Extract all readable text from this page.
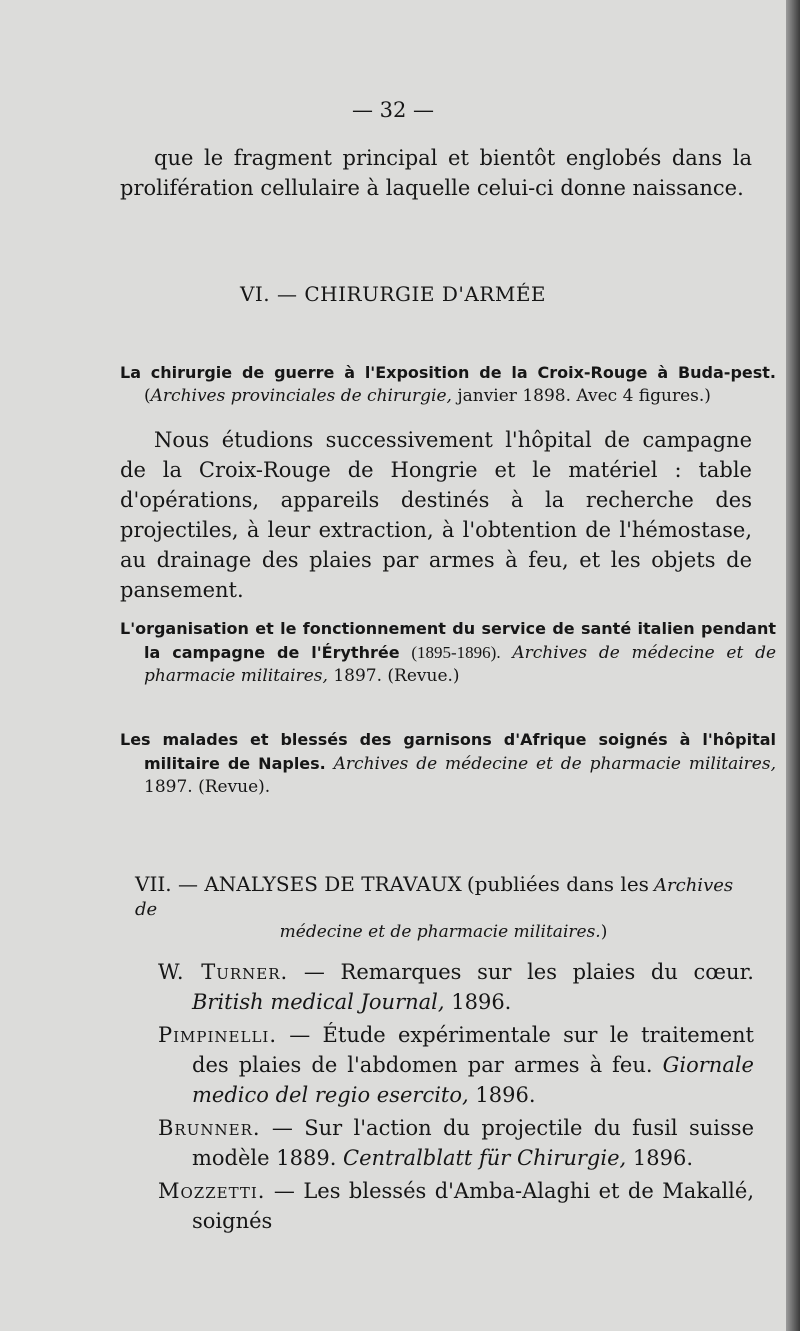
— 32 —

que le fragment principal et bientôt englobés dans la prolifération cellulaire à laquelle celui-ci donne naissance.

VI. — CHIRURGIE D'ARMÉE

La chirurgie de guerre à l'Exposition de la Croix-Rouge à Buda-pest. (Archives provinciales de chirurgie, janvier 1898. Avec 4 figures.)

Nous étudions successivement l'hôpital de campagne de la Croix-Rouge de Hongrie et le matériel : table d'opérations, appareils destinés à la recherche des projectiles, à leur extraction, à l'obtention de l'hémostase, au drainage des plaies par armes à feu, et les objets de pansement.

L'organisation et le fonctionnement du service de santé italien pendant la campagne de l'Érythrée (1895-1896). Archives de médecine et de pharmacie militaires, 1897. (Revue.)

Les malades et blessés des garnisons d'Afrique soignés à l'hôpital militaire de Naples. Archives de médecine et de pharmacie militaires, 1897. (Revue).

VII. — ANALYSES DE TRAVAUX (publiées dans les Archives de
médecine et de pharmacie militaires.)

W. Turner. — Remarques sur les plaies du cœur. British medical Journal, 1896.

Pimpinelli. — Étude expérimentale sur le traitement des plaies de l'abdomen par armes à feu. Giornale medico del regio esercito, 1896.

Brunner. — Sur l'action du projectile du fusil suisse modèle 1889. Centralblatt für Chirurgie, 1896.

Mozzetti. — Les blessés d'Amba-Alaghi et de Makallé, soignés
